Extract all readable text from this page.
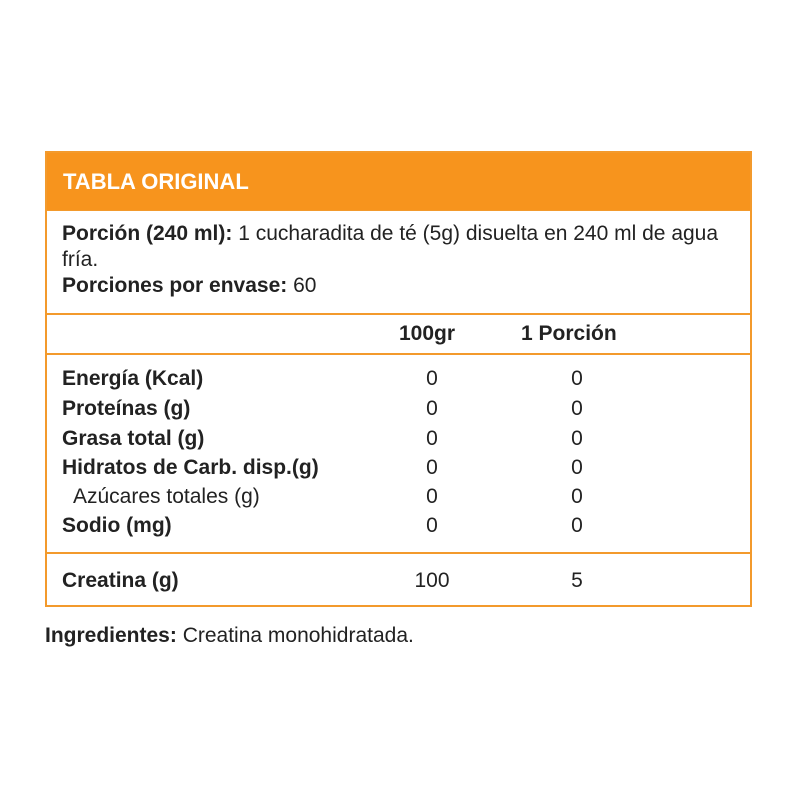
TABLA ORIGINAL
Porción (240 ml): 1 cucharadita de té (5g) disuelta en 240 ml de agua fría.
Porciones por envase: 60
100gr	1 Porción
Energía (Kcal)	0	0
Proteínas (g)	0	0
Grasa total (g)	0	0
Hidratos de Carb. disp.(g)	0	0
Azúcares totales (g)	0	0
Sodio (mg)	0	0
Creatina (g)	100	5
Ingredientes: Creatina monohidratada.
